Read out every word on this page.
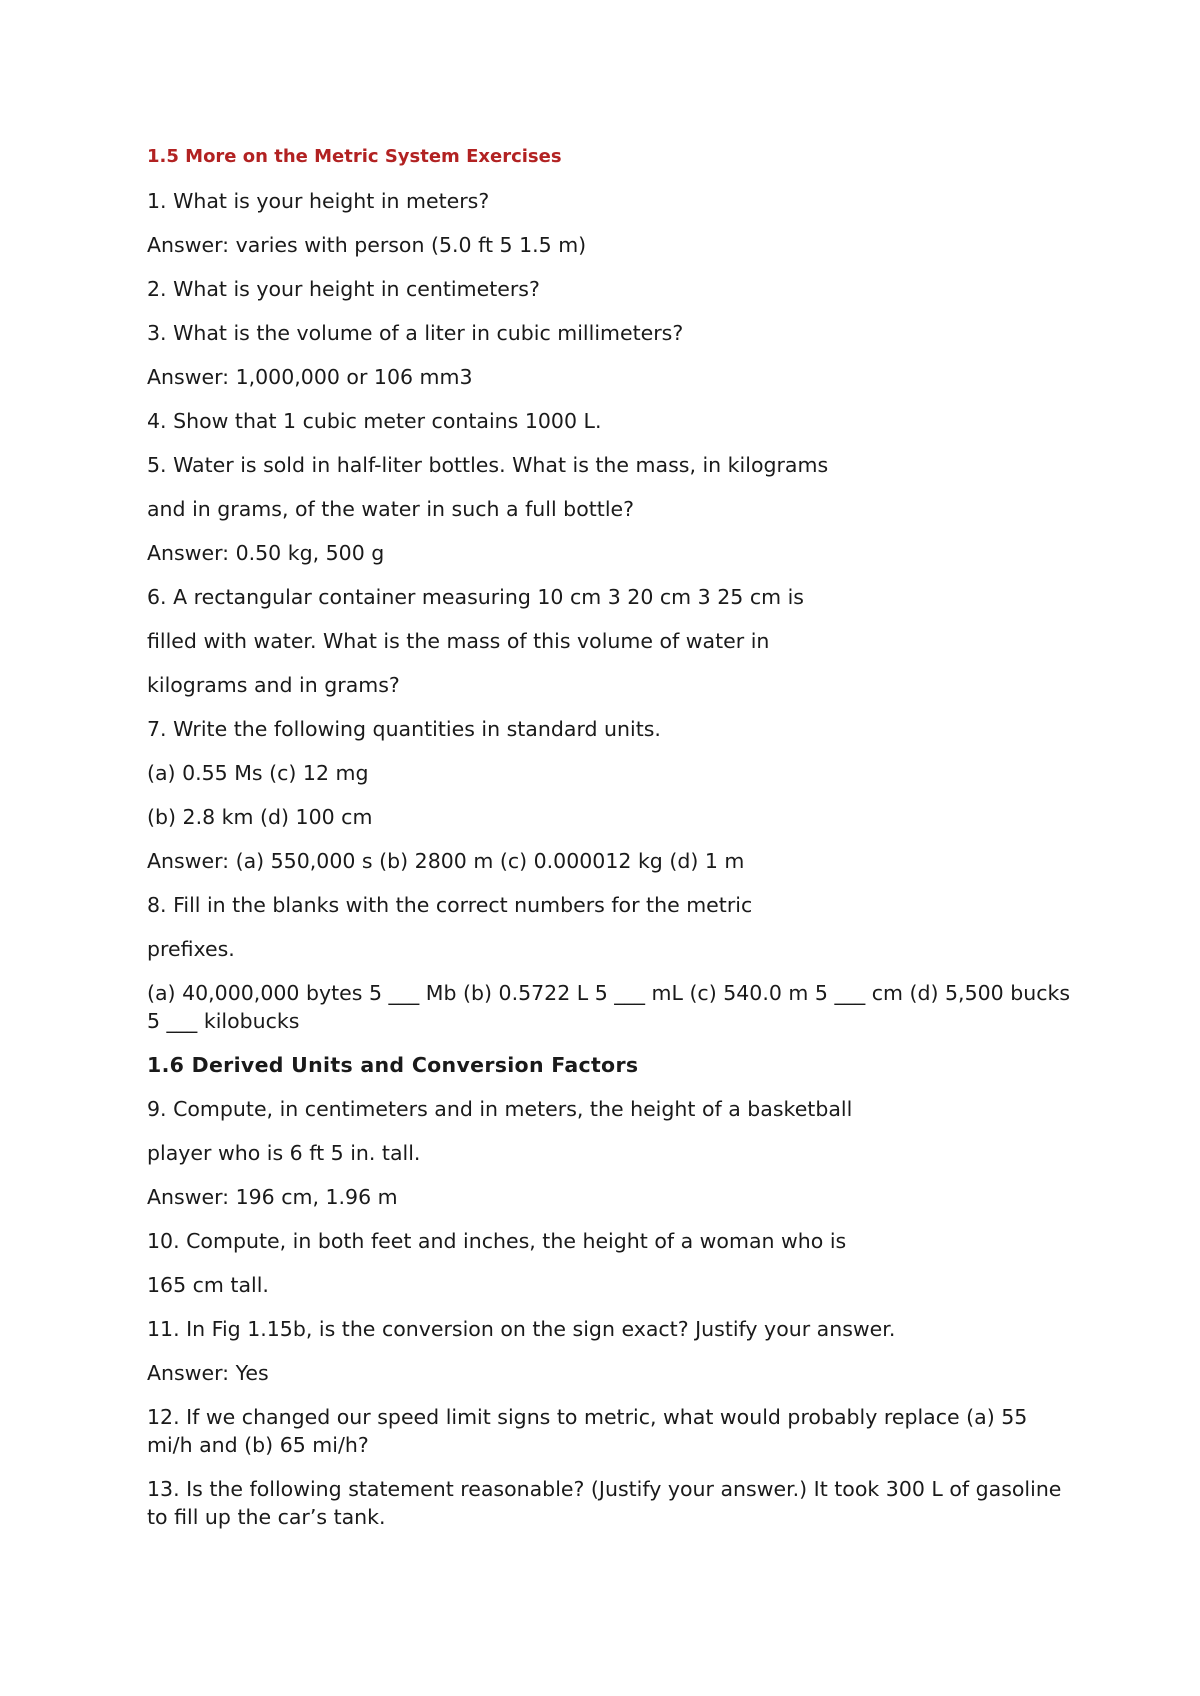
1.5 More on the Metric System Exercises
1. What is your height in meters?
Answer: varies with person (5.0 ft 5 1.5 m)
2. What is your height in centimeters?
3. What is the volume of a liter in cubic millimeters?
Answer: 1,000,000 or 106 mm3
4. Show that 1 cubic meter contains 1000 L.
5. Water is sold in half-liter bottles. What is the mass, in kilograms
and in grams, of the water in such a full bottle?
Answer: 0.50 kg, 500 g
6. A rectangular container measuring 10 cm 3 20 cm 3 25 cm is
filled with water. What is the mass of this volume of water in
kilograms and in grams?
7. Write the following quantities in standard units.
(a) 0.55 Ms (c) 12 mg
(b) 2.8 km (d) 100 cm
Answer: (a) 550,000 s (b) 2800 m (c) 0.000012 kg (d) 1 m
8. Fill in the blanks with the correct numbers for the metric
prefixes.
(a) 40,000,000 bytes 5 ___ Mb (b) 0.5722 L 5 ___ mL (c) 540.0 m 5 ___ cm (d) 5,500 bucks 5 ___ kilobucks
1.6 Derived Units and Conversion Factors
9. Compute, in centimeters and in meters, the height of a basketball
player who is 6 ft 5 in. tall.
Answer: 196 cm, 1.96 m
10. Compute, in both feet and inches, the height of a woman who is
165 cm tall.
11. In Fig 1.15b, is the conversion on the sign exact? Justify your answer.
Answer: Yes
12. If we changed our speed limit signs to metric, what would probably replace (a) 55 mi/h and (b) 65 mi/h?
13. Is the following statement reasonable? (Justify your answer.) It took 300 L of gasoline to fill up the car’s tank.
